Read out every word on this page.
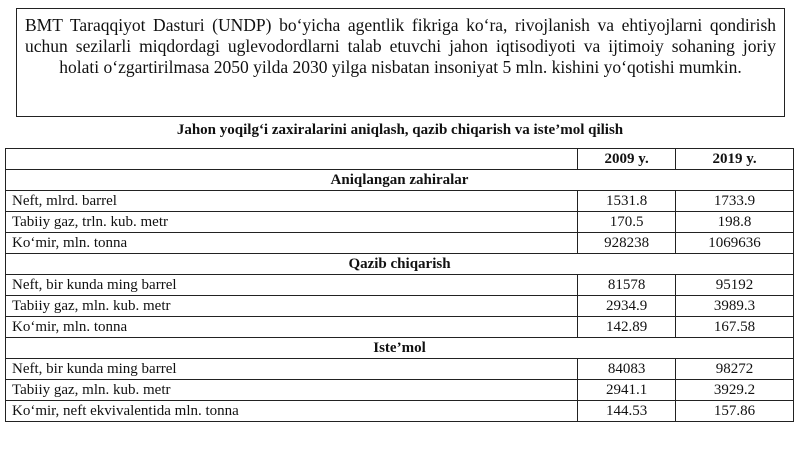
BMT Taraqqiyot Dasturi (UNDP) bo‘yicha agentlik fikriga ko‘ra, rivojlanish va ehtiyojlarni qondirish uchun sezilarli miqdordagi uglevodordlarni talab etuvchi jahon iqtisodiyoti va ijtimoiy sohaning joriy holati o‘zgartirilmasa 2050 yilda 2030 yilga nisbatan insoniyat 5 mln. kishini yo‘qotishi mumkin.
Jahon yoqilg‘i zaxiralarini aniqlash, qazib chiqarish va iste’mol qilish
	2009 y.	2019 y.
Aniqlangan zahiralar		
Neft, mlrd. barrel	1531.8	1733.9
Tabiiy gaz, trln. kub. metr	170.5	198.8
Ko‘mir, mln. tonna	928238	1069636
Qazib chiqarish		
Neft, bir kunda ming barrel	81578	95192
Tabiiy gaz, mln. kub. metr	2934.9	3989.3
Ko‘mir, mln. tonna	142.89	167.58
Iste’mol		
Neft, bir kunda ming barrel	84083	98272
Tabiiy gaz, mln. kub. metr	2941.1	3929.2
Ko‘mir, neft ekvivalentida mln. tonna	144.53	157.86
